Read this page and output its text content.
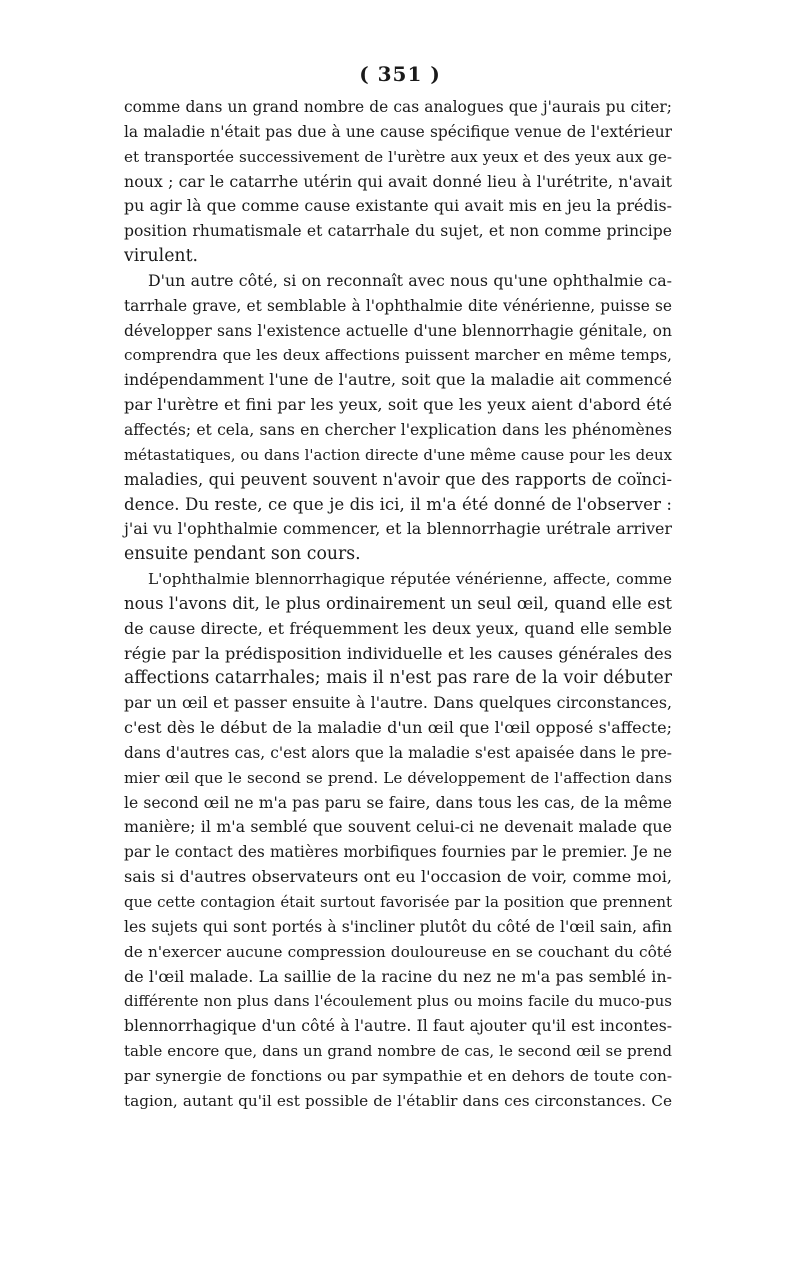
( 351 )
comme dans un grand nombre de cas analogues que j'aurais pu citer;
la maladie n'était pas due à une cause spécifique venue de l'extérieur
et transportée successivement de l'urètre aux yeux et des yeux aux ge-
noux ; car le catarrhe utérin qui avait donné lieu à l'urétrite, n'avait
pu agir là que comme cause existante qui avait mis en jeu la prédis-
position rhumatismale et catarrhale du sujet, et non comme principe
virulent.
D'un autre côté, si on reconnaît avec nous qu'une ophthalmie ca-
tarrhale grave, et semblable à l'ophthalmie dite vénérienne, puisse se
développer sans l'existence actuelle d'une blennorrhagie génitale, on
comprendra que les deux affections puissent marcher en même temps,
indépendamment l'une de l'autre, soit que la maladie ait commencé
par l'urètre et fini par les yeux, soit que les yeux aient d'abord été
affectés; et cela, sans en chercher l'explication dans les phénomènes
métastatiques, ou dans l'action directe d'une même cause pour les deux
maladies, qui peuvent souvent n'avoir que des rapports de coïnci-
dence. Du reste, ce que je dis ici, il m'a été donné de l'observer :
j'ai vu l'ophthalmie commencer, et la blennorrhagie urétrale arriver
ensuite pendant son cours.
L'ophthalmie blennorrhagique réputée vénérienne, affecte, comme
nous l'avons dit, le plus ordinairement un seul œil, quand elle est
de cause directe, et fréquemment les deux yeux, quand elle semble
régie par la prédisposition individuelle et les causes générales des
affections catarrhales; mais il n'est pas rare de la voir débuter
par un œil et passer ensuite à l'autre. Dans quelques circonstances,
c'est dès le début de la maladie d'un œil que l'œil opposé s'affecte;
dans d'autres cas, c'est alors que la maladie s'est apaisée dans le pre-
mier œil que le second se prend. Le développement de l'affection dans
le second œil ne m'a pas paru se faire, dans tous les cas, de la même
manière; il m'a semblé que souvent celui-ci ne devenait malade que
par le contact des matières morbifiques fournies par le premier. Je ne
sais si d'autres observateurs ont eu l'occasion de voir, comme moi,
que cette contagion était surtout favorisée par la position que prennent
les sujets qui sont portés à s'incliner plutôt du côté de l'œil sain, afin
de n'exercer aucune compression douloureuse en se couchant du côté
de l'œil malade. La saillie de la racine du nez ne m'a pas semblé in-
différente non plus dans l'écoulement plus ou moins facile du muco-pus
blennorrhagique d'un côté à l'autre. Il faut ajouter qu'il est incontes-
table encore que, dans un grand nombre de cas, le second œil se prend
par synergie de fonctions ou par sympathie et en dehors de toute con-
tagion, autant qu'il est possible de l'établir dans ces circonstances. Ce
